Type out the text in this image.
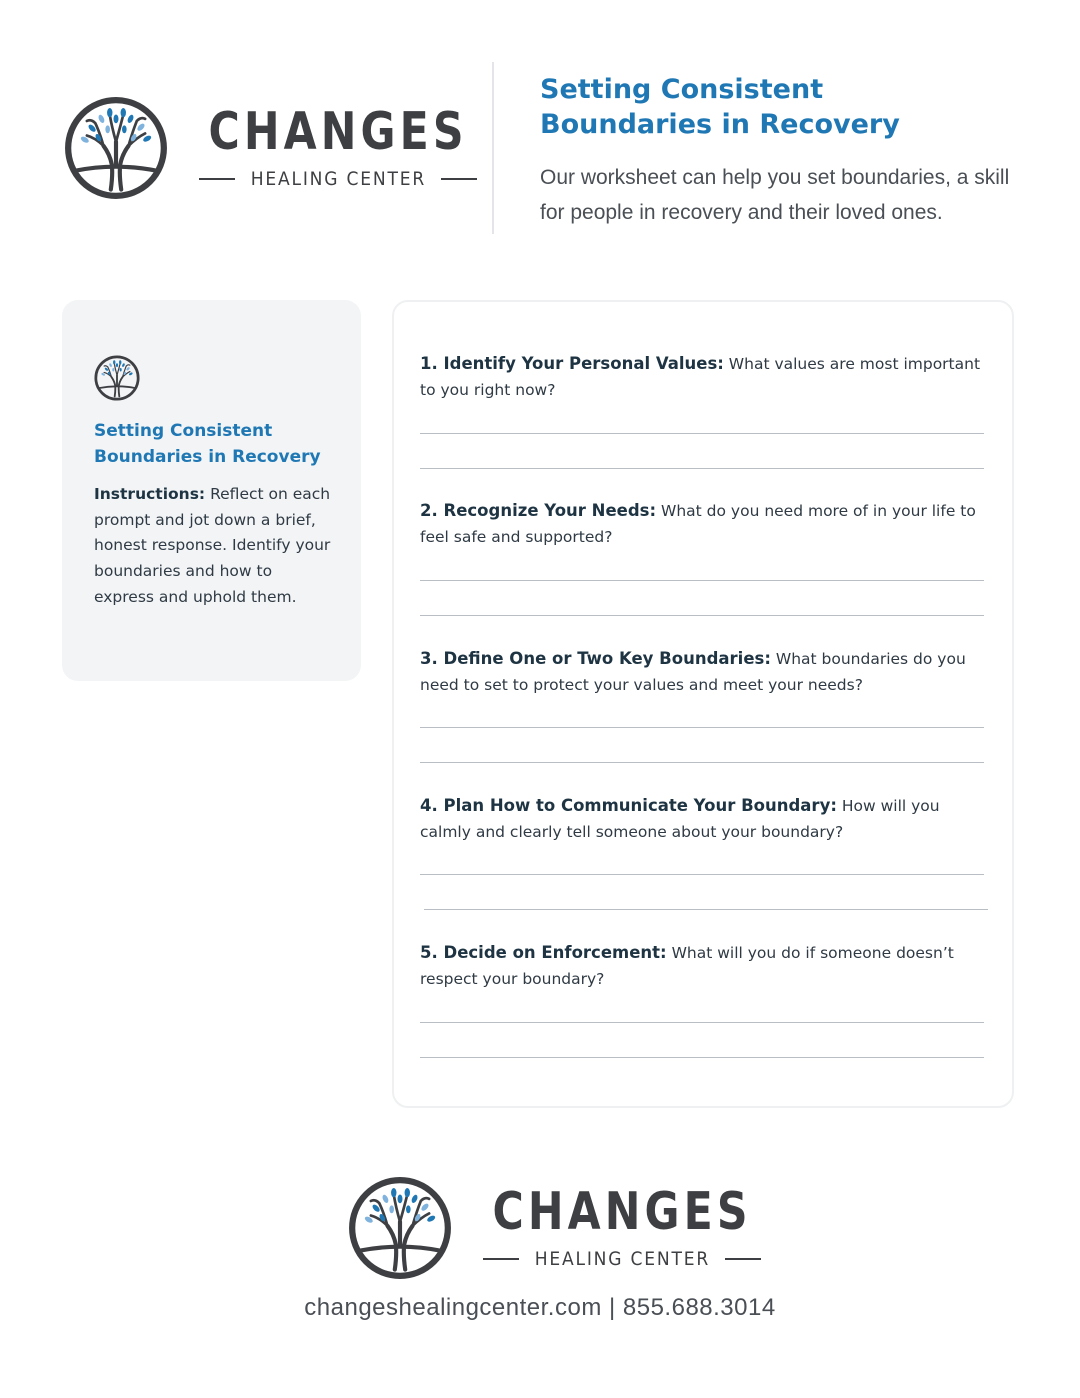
CHANGES
HEALING CENTER
Setting Consistent Boundaries in Recovery

Our worksheet can help you set boundaries, a skill for people in recovery and their loved ones.

Setting Consistent Boundaries in Recovery

Instructions: Reflect on each prompt and jot down a brief, honest response. Identify your boundaries and how to express and uphold them.

1. Identify Your Personal Values: What values are most important to you right now?
2. Recognize Your Needs: What do you need more of in your life to feel safe and supported?
3. Define One or Two Key Boundaries: What boundaries do you need to set to protect your values and meet your needs?
4. Plan How to Communicate Your Boundary: How will you calmly and clearly tell someone about your boundary?
5. Decide on Enforcement: What will you do if someone doesn’t respect your boundary?
CHANGES
HEALING CENTER
changeshealingcenter.com | 855.688.3014
